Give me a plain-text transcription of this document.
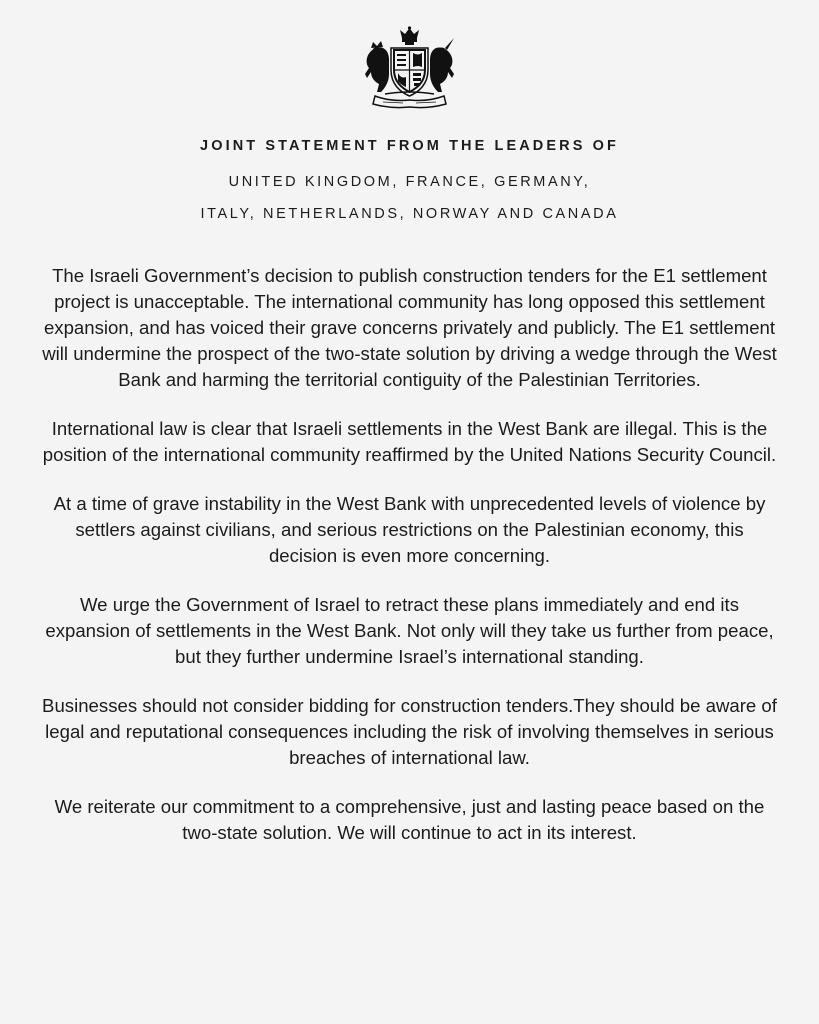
JOINT STATEMENT FROM THE LEADERS OF
UNITED KINGDOM, FRANCE, GERMANY,
ITALY, NETHERLANDS, NORWAY AND CANADA

The Israeli Government’s decision to publish construction tenders for the E1 settlement project is unacceptable. The international community has long opposed this settlement expansion, and has voiced their grave concerns privately and publicly. The E1 settlement will undermine the prospect of the two-state solution by driving a wedge through the West Bank and harming the territorial contiguity of the Palestinian Territories.

International law is clear that Israeli settlements in the West Bank are illegal. This is the position of the international community reaffirmed by the United Nations Security Council.

At a time of grave instability in the West Bank with unprecedented levels of violence by settlers against civilians, and serious restrictions on the Palestinian economy, this decision is even more concerning.

We urge the Government of Israel to retract these plans immediately and end its expansion of settlements in the West Bank. Not only will they take us further from peace, but they further undermine Israel’s international standing.

Businesses should not consider bidding for construction tenders.They should be aware of legal and reputational consequences including the risk of involving themselves in serious breaches of international law.

We reiterate our commitment to a comprehensive, just and lasting peace based on the two-state solution. We will continue to act in its interest.
